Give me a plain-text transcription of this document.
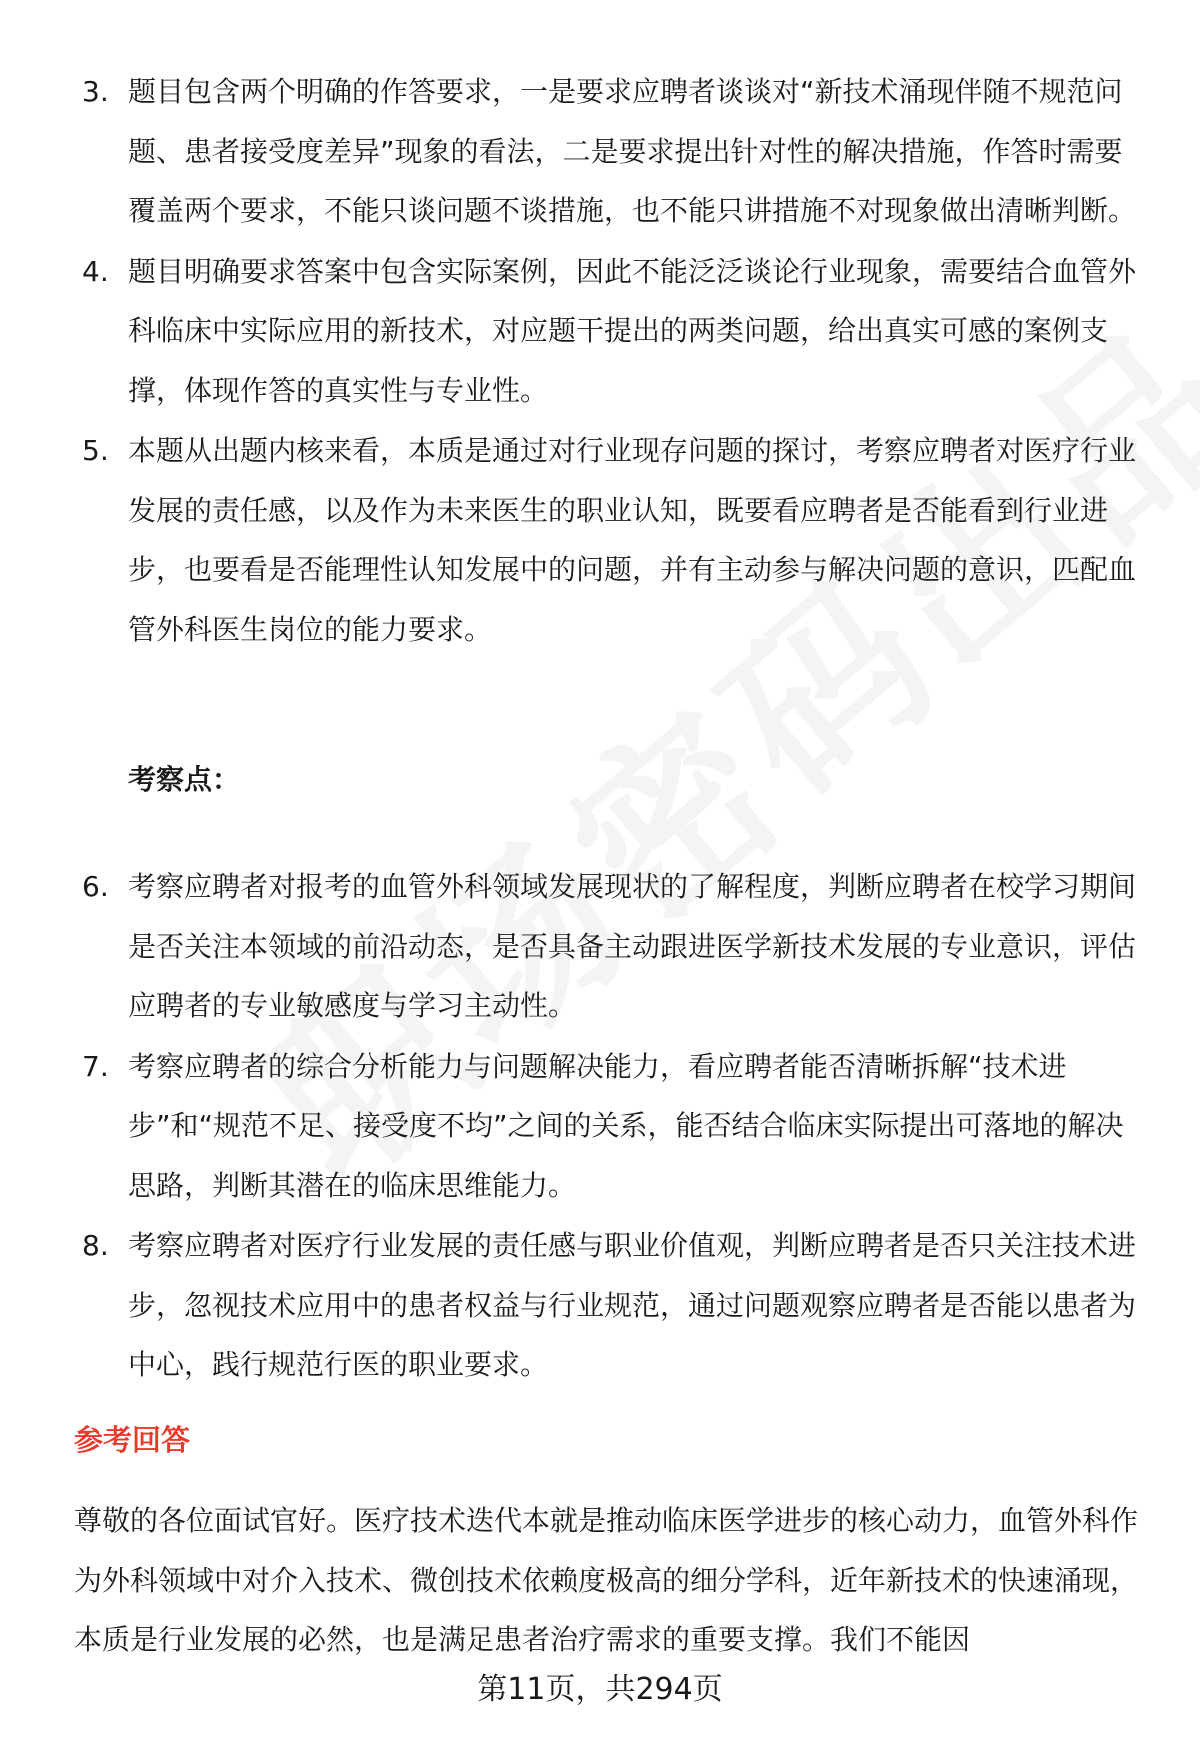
3. 题目包含两个明确的作答要求，一是要求应聘者谈谈对“新技术涌现伴随不规范问题、患者接受度差异”现象的看法，二是要求提出针对性的解决措施，作答时需要覆盖两个要求，不能只谈问题不谈措施，也不能只讲措施不对现象做出清晰判断。
4. 题目明确要求答案中包含实际案例，因此不能泛泛谈论行业现象，需要结合血管外科临床中实际应用的新技术，对应题干提出的两类问题，给出真实可感的案例支撑，体现作答的真实性与专业性。
5. 本题从出题内核来看，本质是通过对行业现存问题的探讨，考察应聘者对医疗行业发展的责任感，以及作为未来医生的职业认知，既要看应聘者是否能看到行业进步，也要看是否能理性认知发展中的问题，并有主动参与解决问题的意识，匹配血管外科医生岗位的能力要求。
考察点：
6. 考察应聘者对报考的血管外科领域发展现状的了解程度，判断应聘者在校学习期间是否关注本领域的前沿动态，是否具备主动跟进医学新技术发展的专业意识，评估应聘者的专业敏感度与学习主动性。
7. 考察应聘者的综合分析能力与问题解决能力，看应聘者能否清晰拆解“技术进步”和“规范不足、接受度不均”之间的关系，能否结合临床实际提出可落地的解决思路，判断其潜在的临床思维能力。
8. 考察应聘者对医疗行业发展的责任感与职业价值观，判断应聘者是否只关注技术进步，忽视技术应用中的患者权益与行业规范，通过问题观察应聘者是否能以患者为中心，践行规范行医的职业要求。
参考回答

尊敬的各位面试官好。医疗技术迭代本就是推动临床医学进步的核心动力，血管外科作为外科领域中对介入技术、微创技术依赖度极高的细分学科，近年新技术的快速涌现，本质是行业发展的必然，也是满足患者治疗需求的重要支撑。我们不能因

第11页，共294页
